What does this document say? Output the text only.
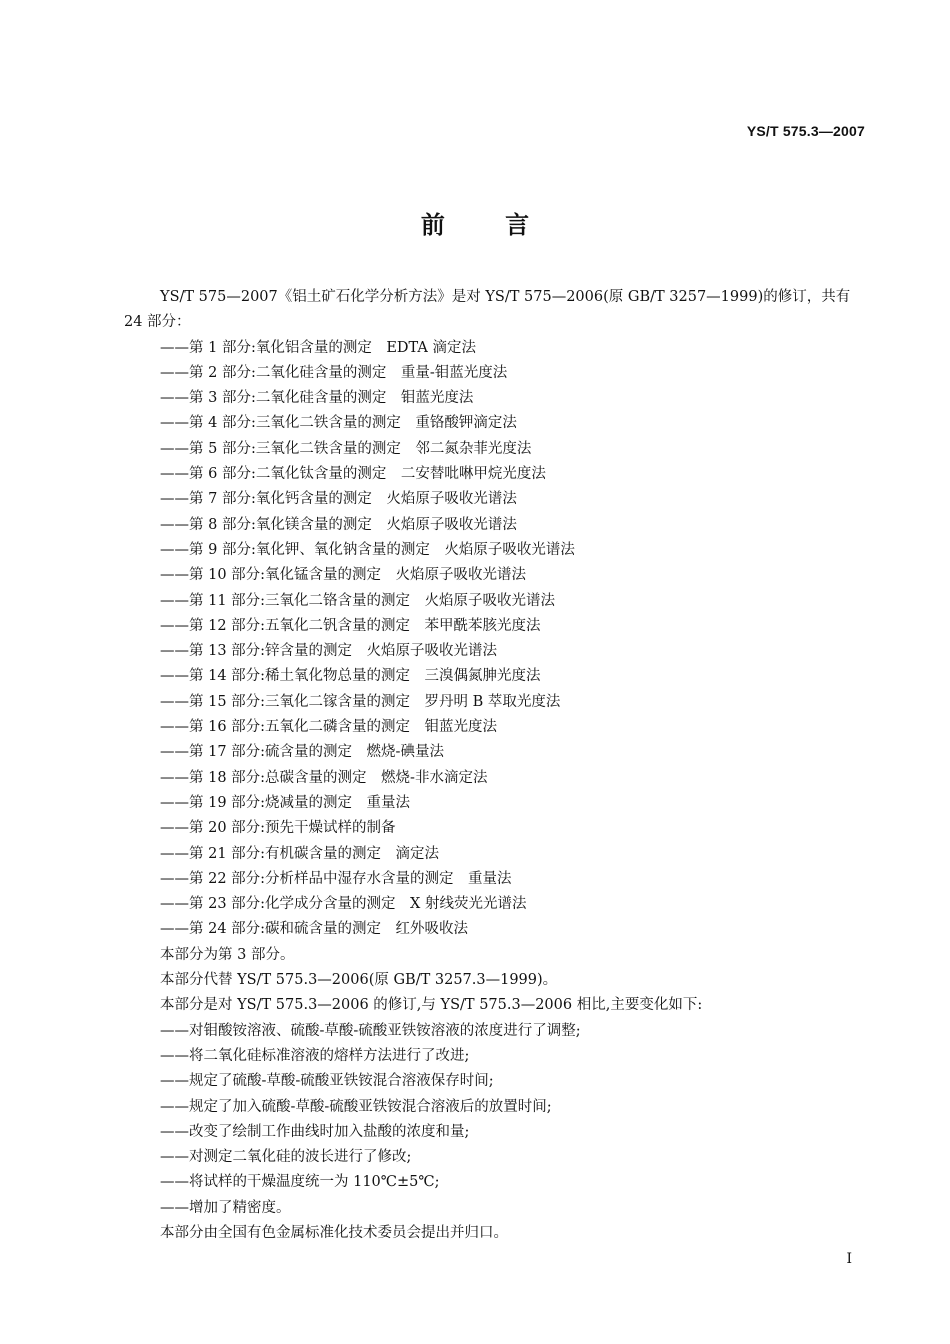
YS/T 575.3—2007
前 言

YS/T 575—2007《铝土矿石化学分析方法》是对 YS/T 575—2006(原 GB/T 3257—1999)的修订，共有 24 部分：

——第 1 部分:氧化铝含量的测定　EDTA 滴定法

——第 2 部分:二氧化硅含量的测定　重量-钼蓝光度法

——第 3 部分:二氧化硅含量的测定　钼蓝光度法

——第 4 部分:三氧化二铁含量的测定　重铬酸钾滴定法

——第 5 部分:三氧化二铁含量的测定　邻二氮杂菲光度法

——第 6 部分:二氧化钛含量的测定　二安替吡啉甲烷光度法

——第 7 部分:氧化钙含量的测定　火焰原子吸收光谱法

——第 8 部分:氧化镁含量的测定　火焰原子吸收光谱法

——第 9 部分:氧化钾、氧化钠含量的测定　火焰原子吸收光谱法

——第 10 部分:氧化锰含量的测定　火焰原子吸收光谱法

——第 11 部分:三氧化二铬含量的测定　火焰原子吸收光谱法

——第 12 部分:五氧化二钒含量的测定　苯甲酰苯胲光度法

——第 13 部分:锌含量的测定　火焰原子吸收光谱法

——第 14 部分:稀土氧化物总量的测定　三溴偶氮胂光度法

——第 15 部分:三氧化二镓含量的测定　罗丹明 B 萃取光度法

——第 16 部分:五氧化二磷含量的测定　钼蓝光度法

——第 17 部分:硫含量的测定　燃烧-碘量法

——第 18 部分:总碳含量的测定　燃烧-非水滴定法

——第 19 部分:烧减量的测定　重量法

——第 20 部分:预先干燥试样的制备

——第 21 部分:有机碳含量的测定　滴定法

——第 22 部分:分析样品中湿存水含量的测定　重量法

——第 23 部分:化学成分含量的测定　X 射线荧光光谱法

——第 24 部分:碳和硫含量的测定　红外吸收法

本部分为第 3 部分。

本部分代替 YS/T 575.3—2006(原 GB/T 3257.3—1999)。

本部分是对 YS/T 575.3—2006 的修订,与 YS/T 575.3—2006 相比,主要变化如下:

——对钼酸铵溶液、硫酸-草酸-硫酸亚铁铵溶液的浓度进行了调整;

——将二氧化硅标准溶液的熔样方法进行了改进;

——规定了硫酸-草酸-硫酸亚铁铵混合溶液保存时间;

——规定了加入硫酸-草酸-硫酸亚铁铵混合溶液后的放置时间;

——改变了绘制工作曲线时加入盐酸的浓度和量;

——对测定二氧化硅的波长进行了修改;

——将试样的干燥温度统一为 110℃±5℃;

——增加了精密度。

本部分由全国有色金属标准化技术委员会提出并归口。

I
